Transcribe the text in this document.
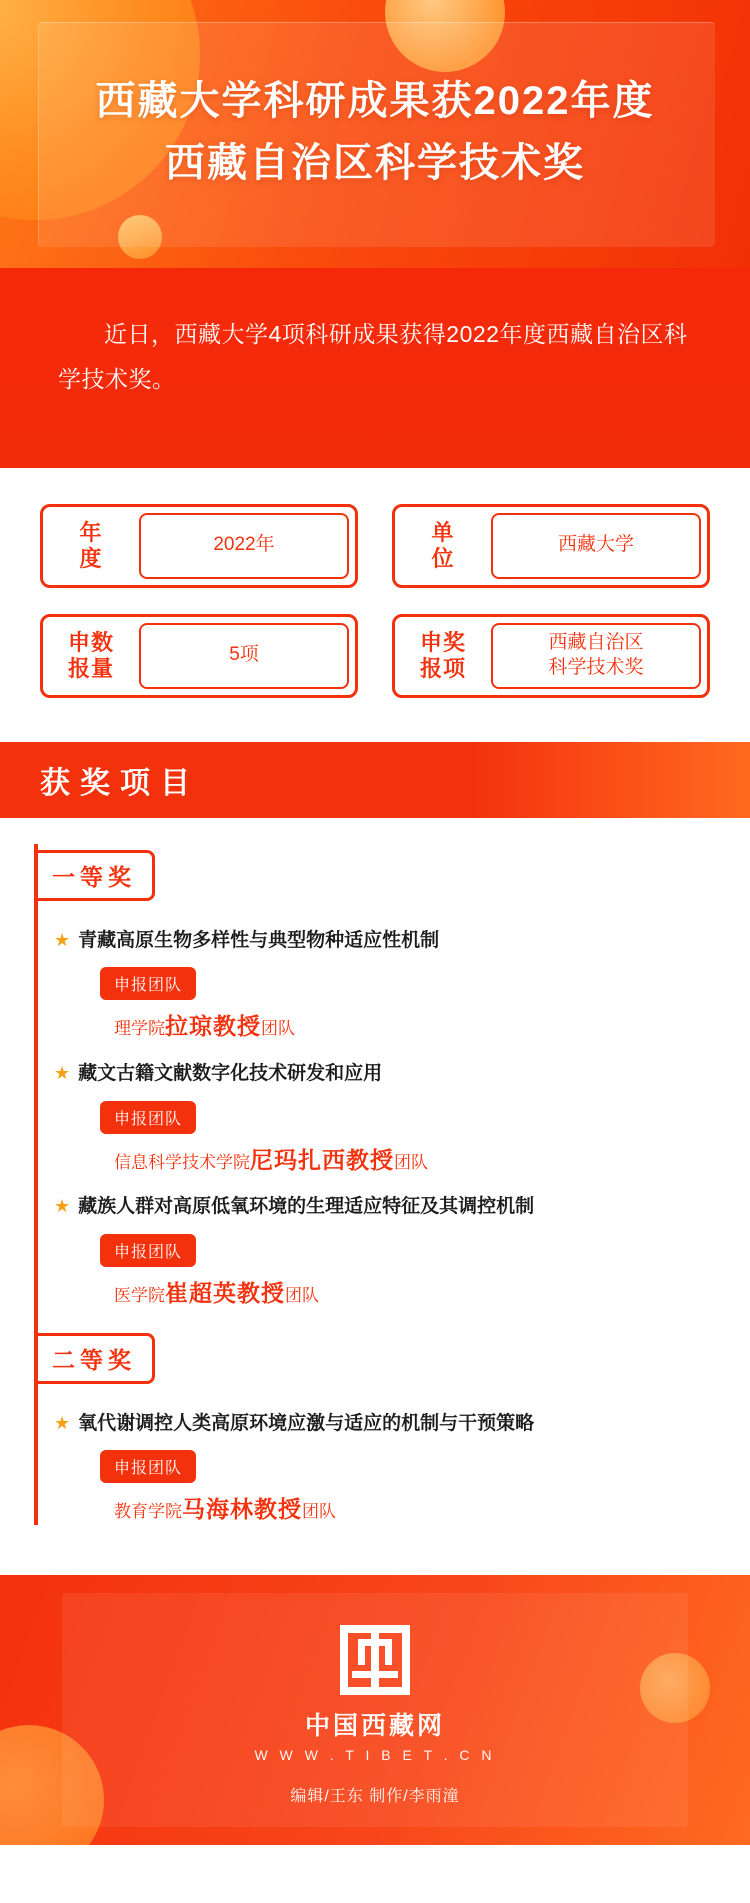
西藏大学科研成果获2022年度
西藏自治区科学技术奖

近日，西藏大学4项科研成果获得2022年度西藏自治区科学技术奖。

年
度
2022年
单
位
西藏大学
申数
报量
5项
申奖
报项
西藏自治区
科学技术奖
获奖项目
一等奖
★ 青藏高原生物多样性与典型物种适应性机制
申报团队
理学院拉琼教授团队
★ 藏文古籍文献数字化技术研发和应用
申报团队
信息科学技术学院尼玛扎西教授团队
★ 藏族人群对高原低氧环境的生理适应特征及其调控机制
申报团队
医学院崔超英教授团队
二等奖
★ 氧代谢调控人类高原环境应激与适应的机制与干预策略
申报团队
教育学院马海林教授团队
中国西藏网
W W W . T I B E T . C N
编辑/王东 制作/李雨潼
